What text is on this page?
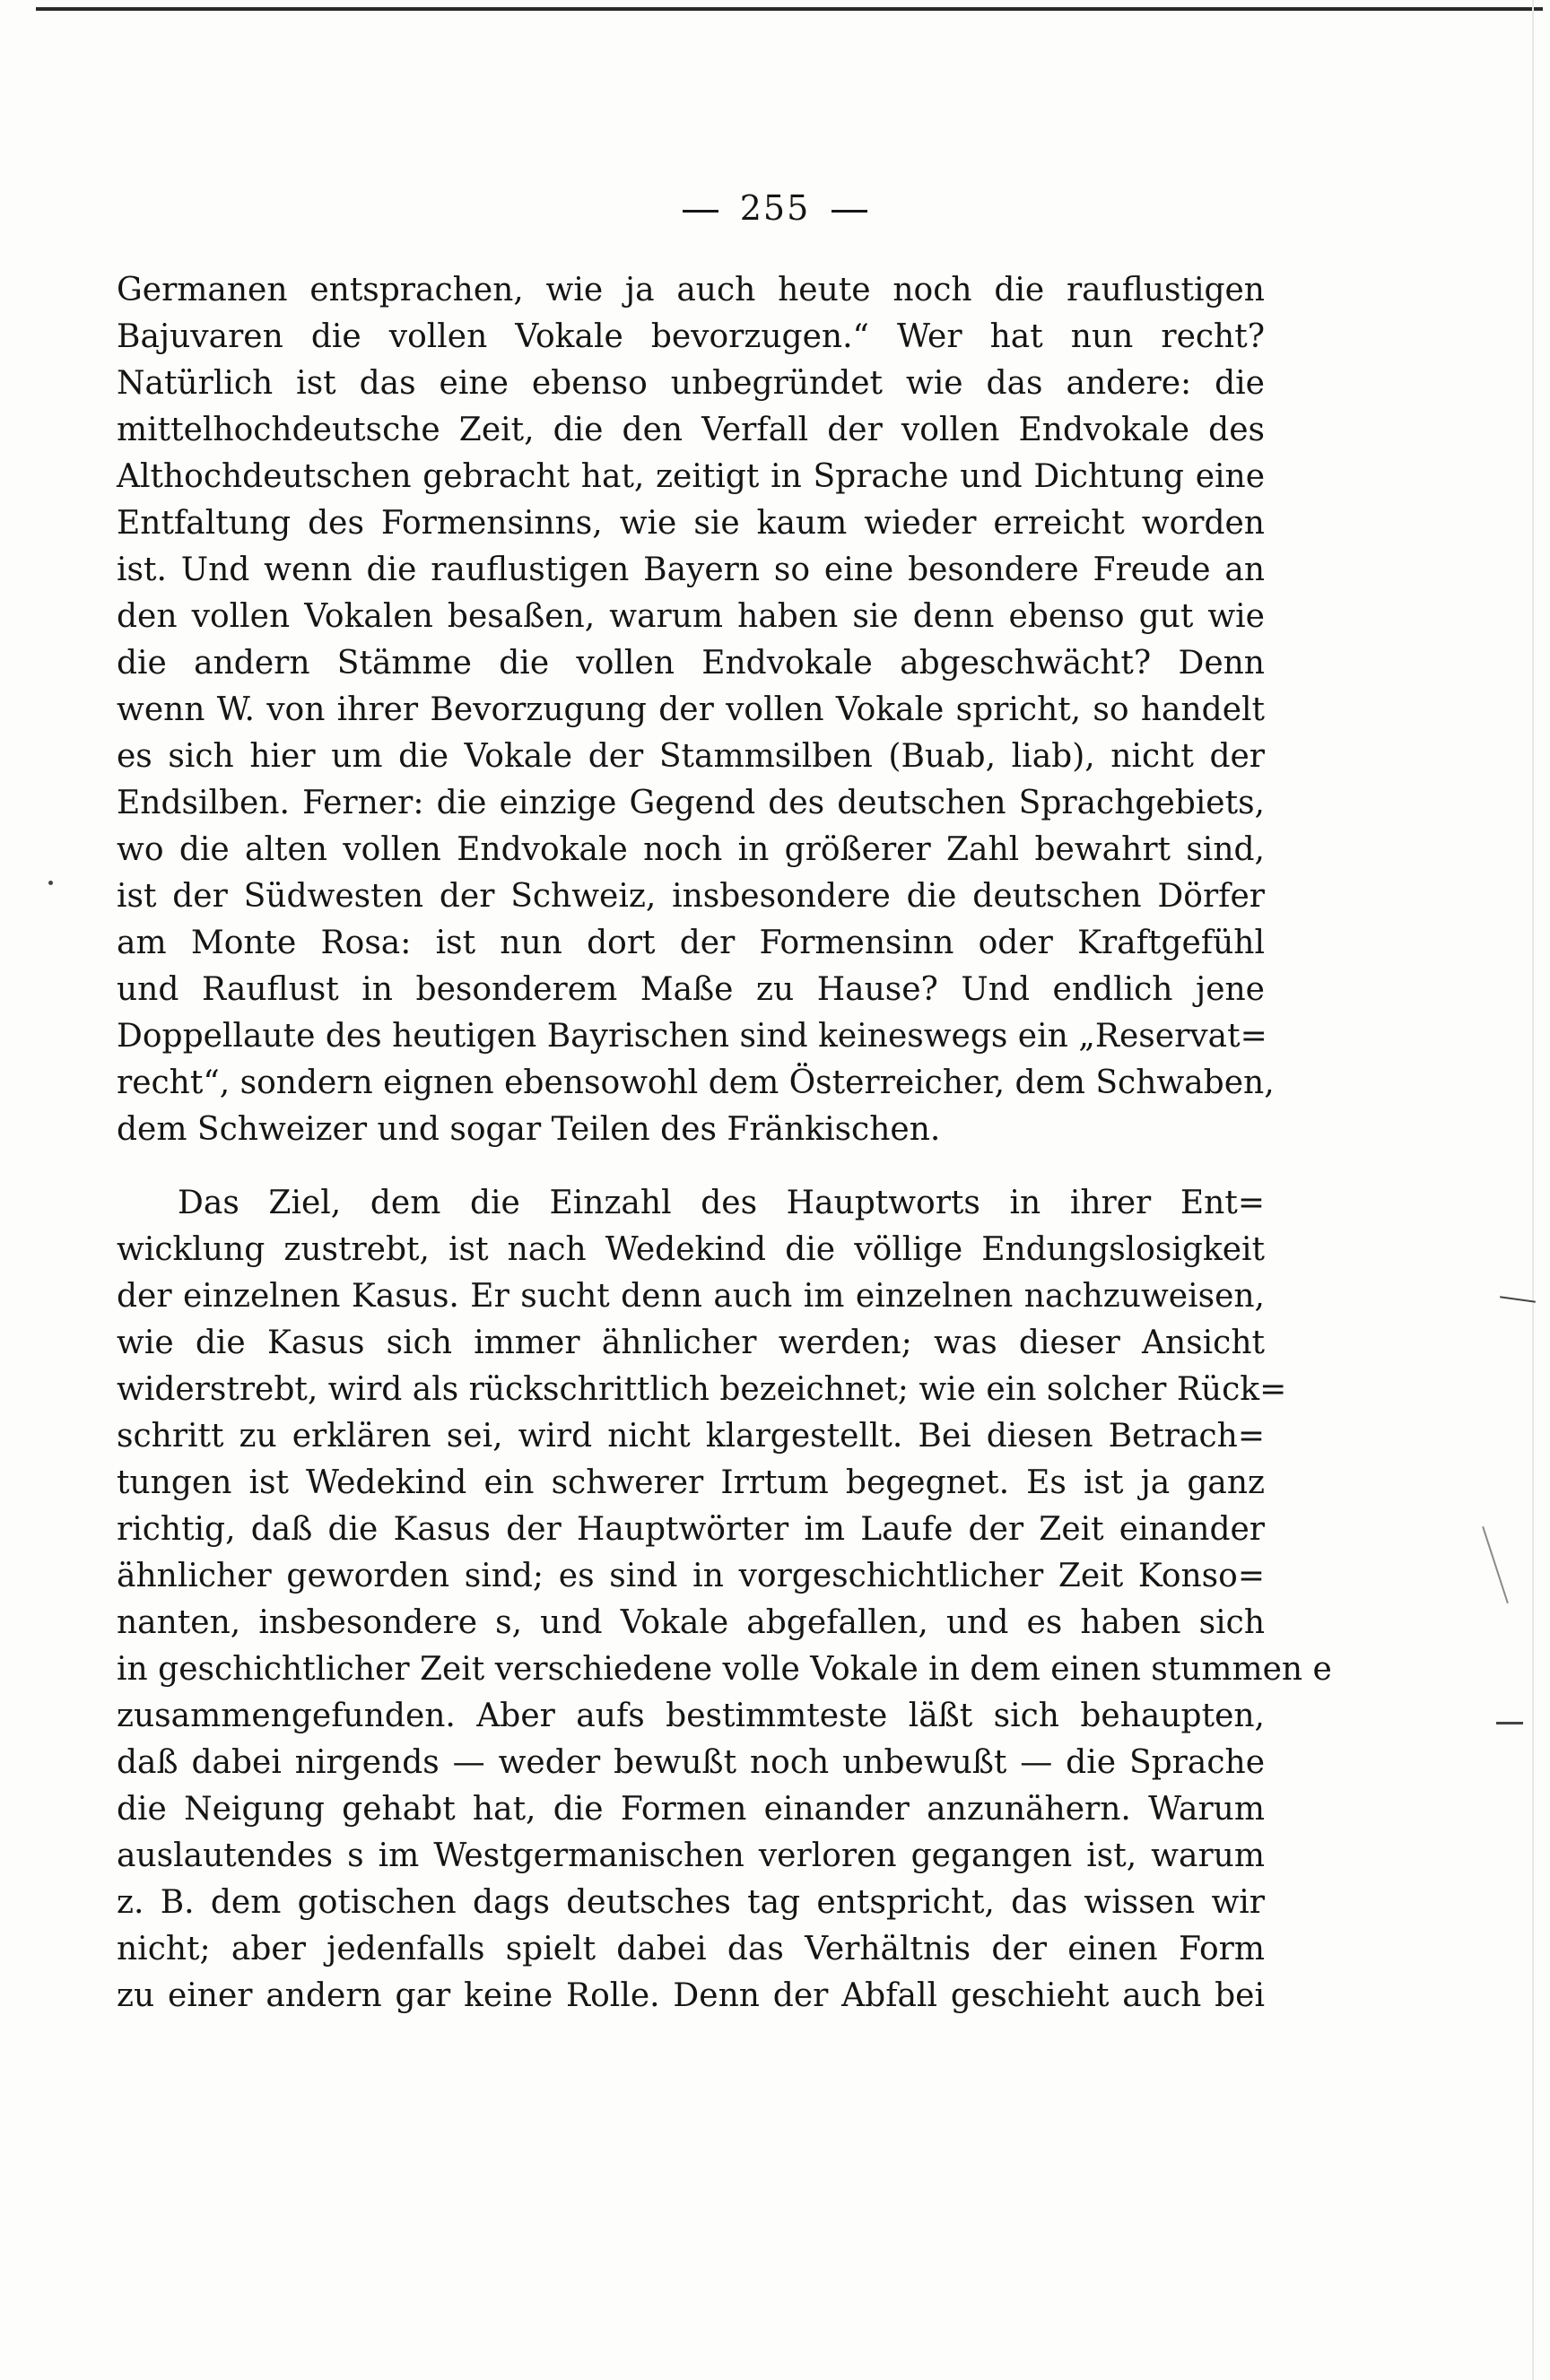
255
Germanen entsprachen, wie ja auch heute noch die rauflustigen
Bajuvaren die vollen Vokale bevorzugen.“ Wer hat nun recht?
Natürlich ist das eine ebenso unbegründet wie das andere: die
mittelhochdeutsche Zeit, die den Verfall der vollen Endvokale des
Althochdeutschen gebracht hat, zeitigt in Sprache und Dichtung eine
Entfaltung des Formensinns, wie sie kaum wieder erreicht worden
ist. Und wenn die rauflustigen Bayern so eine besondere Freude an
den vollen Vokalen besaßen, warum haben sie denn ebenso gut wie
die andern Stämme die vollen Endvokale abgeschwächt? Denn
wenn W. von ihrer Bevorzugung der vollen Vokale spricht, so handelt
es sich hier um die Vokale der Stammsilben (Buab, liab), nicht der
Endsilben. Ferner: die einzige Gegend des deutschen Sprachgebiets,
wo die alten vollen Endvokale noch in größerer Zahl bewahrt sind,
ist der Südwesten der Schweiz, insbesondere die deutschen Dörfer
am Monte Rosa: ist nun dort der Formensinn oder Kraftgefühl
und Rauflust in besonderem Maße zu Hause? Und endlich jene
Doppellaute des heutigen Bayrischen sind keineswegs ein „Reservat=
recht“, sondern eignen ebensowohl dem Österreicher, dem Schwaben,
dem Schweizer und sogar Teilen des Fränkischen.
Das Ziel, dem die Einzahl des Hauptworts in ihrer Ent=
wicklung zustrebt, ist nach Wedekind die völlige Endungslosigkeit
der einzelnen Kasus. Er sucht denn auch im einzelnen nachzuweisen,
wie die Kasus sich immer ähnlicher werden; was dieser Ansicht
widerstrebt, wird als rückschrittlich bezeichnet; wie ein solcher Rück=
schritt zu erklären sei, wird nicht klargestellt. Bei diesen Betrach=
tungen ist Wedekind ein schwerer Irrtum begegnet. Es ist ja ganz
richtig, daß die Kasus der Hauptwörter im Laufe der Zeit einander
ähnlicher geworden sind; es sind in vorgeschichtlicher Zeit Konso=
nanten, insbesondere s, und Vokale abgefallen, und es haben sich
in geschichtlicher Zeit verschiedene volle Vokale in dem einen stummen e
zusammengefunden. Aber aufs bestimmteste läßt sich behaupten,
daß dabei nirgends — weder bewußt noch unbewußt — die Sprache
die Neigung gehabt hat, die Formen einander anzunähern. Warum
auslautendes s im Westgermanischen verloren gegangen ist, warum
z. B. dem gotischen dags deutsches tag entspricht, das wissen wir
nicht; aber jedenfalls spielt dabei das Verhältnis der einen Form
zu einer andern gar keine Rolle. Denn der Abfall geschieht auch bei
